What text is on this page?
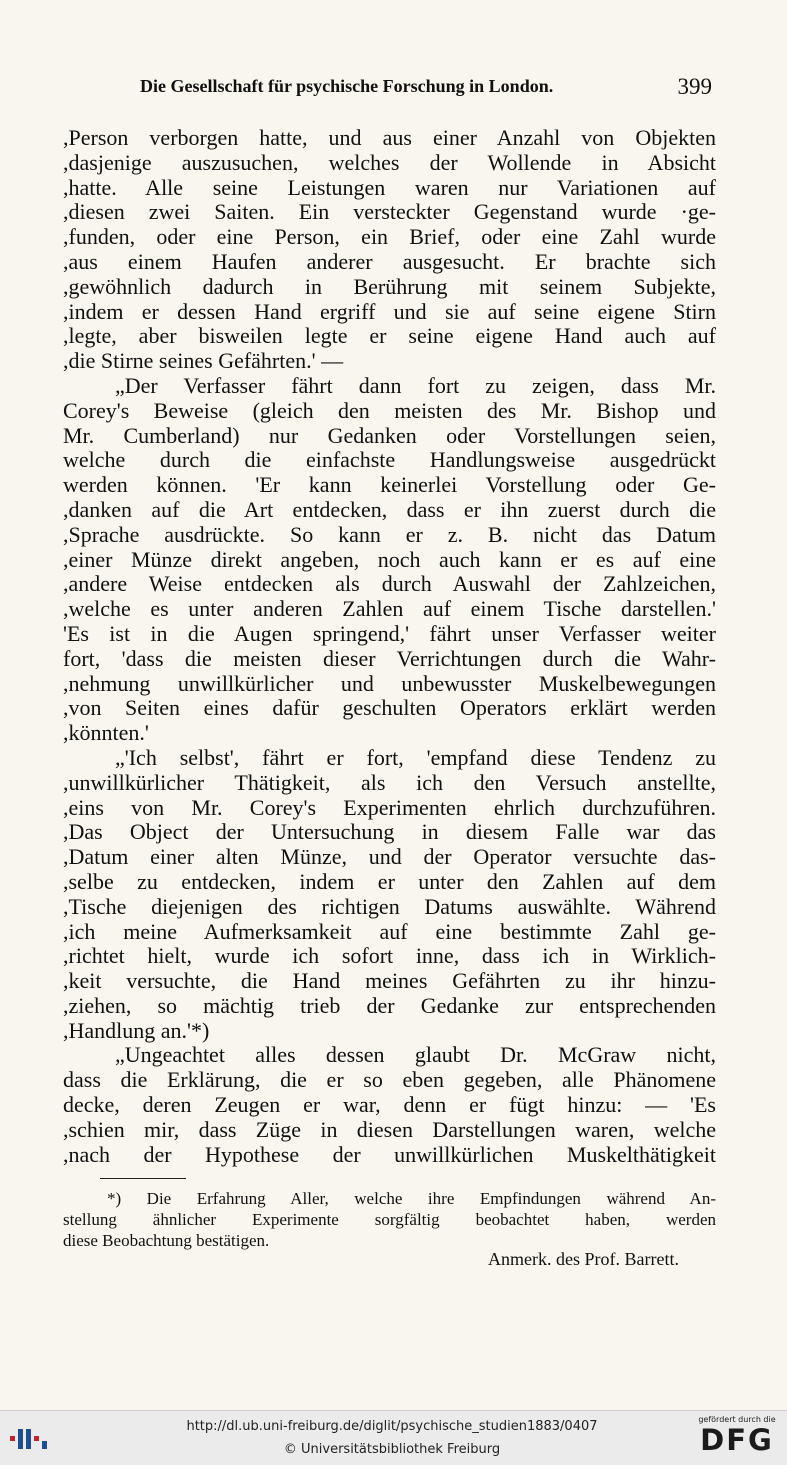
Die Gesellschaft für psychische Forschung in London.	399
,Person verborgen hatte, und aus einer Anzahl von Objekten
,dasjenige auszusuchen, welches der Wollende in Absicht
,hatte. Alle seine Leistungen waren nur Variationen auf
,diesen zwei Saiten. Ein versteckter Gegenstand wurde ·ge-
,funden, oder eine Person, ein Brief, oder eine Zahl wurde
,aus einem Haufen anderer ausgesucht. Er brachte sich
,gewöhnlich dadurch in Berührung mit seinem Subjekte,
,indem er dessen Hand ergriff und sie auf seine eigene Stirn
,legte, aber bisweilen legte er seine eigene Hand auch auf
,die Stirne seines Gefährten.' —
„Der Verfasser fährt dann fort zu zeigen, dass Mr.
Corey's Beweise (gleich den meisten des Mr. Bishop und
Mr. Cumberland) nur Gedanken oder Vorstellungen seien,
welche durch die einfachste Handlungsweise ausgedrückt
werden können. 'Er kann keinerlei Vorstellung oder Ge-
,danken auf die Art entdecken, dass er ihn zuerst durch die
,Sprache ausdrückte. So kann er z. B. nicht das Datum
,einer Münze direkt angeben, noch auch kann er es auf eine
,andere Weise entdecken als durch Auswahl der Zahlzeichen,
,welche es unter anderen Zahlen auf einem Tische darstellen.'
'Es ist in die Augen springend,' fährt unser Verfasser weiter
fort, 'dass die meisten dieser Verrichtungen durch die Wahr-
,nehmung unwillkürlicher und unbewusster Muskelbewegungen
,von Seiten eines dafür geschulten Operators erklärt werden
,könnten.'
„'Ich selbst', fährt er fort, 'empfand diese Tendenz zu
,unwillkürlicher Thätigkeit, als ich den Versuch anstellte,
,eins von Mr. Corey's Experimenten ehrlich durchzuführen.
,Das Object der Untersuchung in diesem Falle war das
,Datum einer alten Münze, und der Operator versuchte das-
,selbe zu entdecken, indem er unter den Zahlen auf dem
,Tische diejenigen des richtigen Datums auswählte. Während
,ich meine Aufmerksamkeit auf eine bestimmte Zahl ge-
,richtet hielt, wurde ich sofort inne, dass ich in Wirklich-
,keit versuchte, die Hand meines Gefährten zu ihr hinzu-
,ziehen, so mächtig trieb der Gedanke zur entsprechenden
,Handlung an.'*)
„Ungeachtet alles dessen glaubt Dr. McGraw nicht,
dass die Erklärung, die er so eben gegeben, alle Phänomene
decke, deren Zeugen er war, denn er fügt hinzu: — 'Es
,schien mir, dass Züge in diesen Darstellungen waren, welche
,nach der Hypothese der unwillkürlichen Muskelthätigkeit
*) Die Erfahrung Aller, welche ihre Empfindungen während An-
stellung ähnlicher Experimente sorgfältig beobachtet haben, werden
diese Beobachtung bestätigen.
Anmerk. des Prof. Barrett.
http://dl.ub.uni-freiburg.de/diglit/psychische_studien1883/0407
© Universitätsbibliothek Freiburg
gefördert durch die
DFG
